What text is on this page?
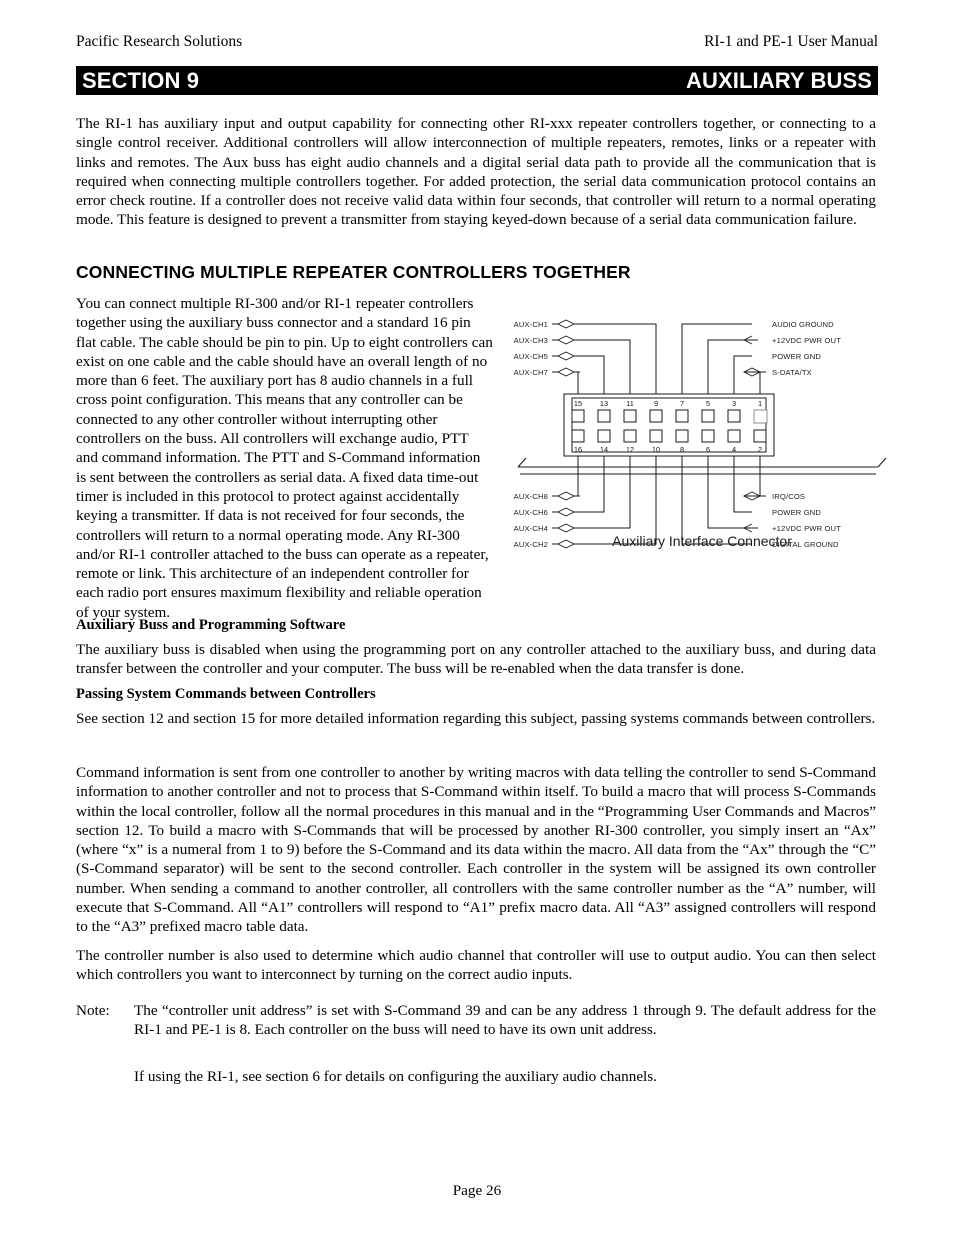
Pacific Research Solutions	RI-1 and PE-1 User Manual
SECTION 9	AUXILIARY BUSS
The RI-1 has auxiliary input and output capability for connecting other RI-xxx repeater controllers together, or connecting to a single control receiver. Additional controllers will allow interconnection of multiple repeaters, remotes, links or a repeater with links and remotes. The Aux buss has eight audio channels and a digital serial data path to provide all the communication that is required when connecting multiple controllers together. For added protection, the serial data communication protocol contains an error check routine. If a controller does not receive valid data within four seconds, that controller will return to a normal operating mode. This feature is designed to prevent a transmitter from staying keyed-down because of a serial data communication failure.
CONNECTING MULTIPLE REPEATER CONTROLLERS TOGETHER
You can connect multiple RI-300 and/or RI-1 repeater controllers together using the auxiliary buss connector and a standard 16 pin flat cable. The cable should be pin to pin. Up to eight controllers can exist on one cable and the cable should have an overall length of no more than 6 feet. The auxiliary port has 8 audio channels in a full cross point configuration. This means that any controller can be connected to any other controller without interrupting other controllers on the buss. All controllers will exchange audio, PTT and command information. The PTT and S-Command information is sent between the controllers as serial data. A fixed data time-out timer is included in this protocol to protect against accidentally keying a transmitter. If data is not received for four seconds, the controllers will return to a normal operating mode. Any RI-300 and/or RI-1 controller attached to the buss can operate as a repeater, remote or link. This architecture of an independent controller for each radio port ensures maximum flexibility and reliable operation of your system.
15 13 11	9	7	5	3	1
16 14 12 10	8	6	4	2
AUX-CH1
AUX-CH3
AUX-CH5
AUX-CH7
AUDIO GROUND
+12VDC PWR OUT
POWER GND
S-DATA/TX
AUX-CH8
AUX-CH6
AUX-CH4
AUX-CH2
IRQ/COS
POWER GND
+12VDC PWR OUT
DIGITAL GROUND
Auxiliary Interface Connector
Auxiliary Buss and Programming Software
The auxiliary buss is disabled when using the programming port on any controller attached to the auxiliary buss, and during data transfer between the controller and your computer. The buss will be re-enabled when the data transfer is done.
Passing System Commands between Controllers
See section 12 and section 15 for more detailed information regarding this subject, passing systems commands between controllers.
Command information is sent from one controller to another by writing macros with data telling the controller to send S-Command information to another controller and not to process that S-Command within itself. To build a macro that will process S-Commands within the local controller, follow all the normal procedures in this manual and in the “Programming User Commands and Macros” section 12. To build a macro with S-Commands that will be processed by another RI-300 controller, you simply insert an “Ax” (where “x” is a numeral from 1 to 9) before the S-Command and its data within the macro. All data from the “Ax” through the “C” (S-Command separator) will be sent to the second controller. Each controller in the system will be assigned its own controller number. When sending a command to another controller, all controllers with the same controller number as the “A” number, will execute that S-Command. All “A1” controllers will respond to “A1” prefix macro data. All “A3” assigned controllers will respond to the “A3” prefixed macro table data.
The controller number is also used to determine which audio channel that controller will use to output audio. You can then select which controllers you want to interconnect by turning on the correct audio inputs.
Note:	The “controller unit address” is set with S-Command 39 and can be any address 1 through 9. The default address for the RI-1 and PE-1 is 8. Each controller on the buss will need to have its own unit address.
If using the RI-1, see section 6 for details on configuring the auxiliary audio channels.
Page 26
